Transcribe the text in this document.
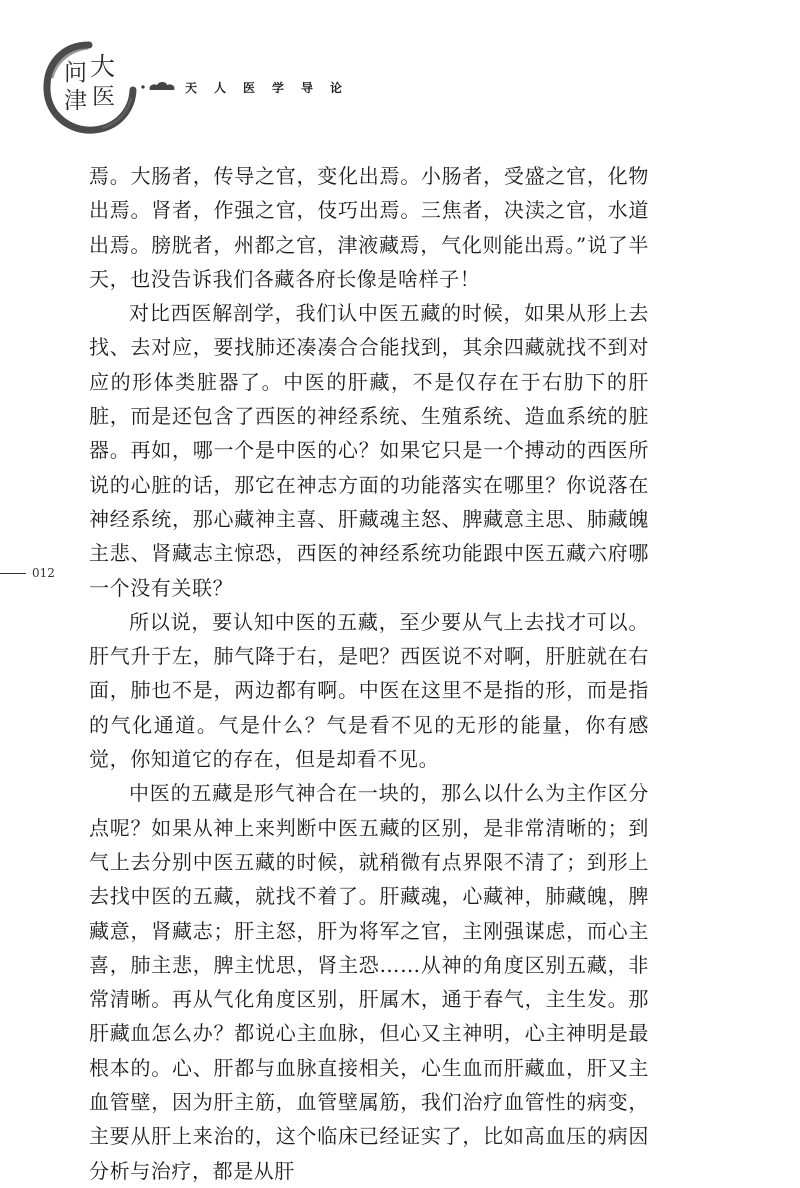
问 大
津 医	天人医学导论
012

焉。大肠者，传导之官，变化出焉。小肠者，受盛之官，化物出焉。肾者，作强之官，伎巧出焉。三焦者，决渎之官，水道出焉。膀胱者，州都之官，津液藏焉，气化则能出焉。”说了半天，也没告诉我们各藏各府长像是啥样子！

对比西医解剖学，我们认中医五藏的时候，如果从形上去找、去对应，要找肺还凑凑合合能找到，其余四藏就找不到对应的形体类脏器了。中医的肝藏，不是仅存在于右肋下的肝脏，而是还包含了西医的神经系统、生殖系统、造血系统的脏器。再如，哪一个是中医的心？如果它只是一个搏动的西医所说的心脏的话，那它在神志方面的功能落实在哪里？你说落在神经系统，那心藏神主喜、肝藏魂主怒、脾藏意主思、肺藏魄主悲、肾藏志主惊恐，西医的神经系统功能跟中医五藏六府哪一个没有关联？

所以说，要认知中医的五藏，至少要从气上去找才可以。肝气升于左，肺气降于右，是吧？西医说不对啊，肝脏就在右面，肺也不是，两边都有啊。中医在这里不是指的形，而是指的气化通道。气是什么？气是看不见的无形的能量，你有感觉，你知道它的存在，但是却看不见。

中医的五藏是形气神合在一块的，那么以什么为主作区分点呢？如果从神上来判断中医五藏的区别，是非常清晰的；到气上去分别中医五藏的时候，就稍微有点界限不清了；到形上去找中医的五藏，就找不着了。肝藏魂，心藏神，肺藏魄，脾藏意，肾藏志；肝主怒，肝为将军之官，主刚强谋虑，而心主喜，肺主悲，脾主忧思，肾主恐……从神的角度区别五藏，非常清晰。再从气化角度区别，肝属木，通于春气，主生发。那肝藏血怎么办？都说心主血脉，但心又主神明，心主神明是最根本的。心、肝都与血脉直接相关，心生血而肝藏血，肝又主血管壁，因为肝主筋，血管壁属筋，我们治疗血管性的病变，主要从肝上来治的，这个临床已经证实了，比如高血压的病因分析与治疗，都是从肝
